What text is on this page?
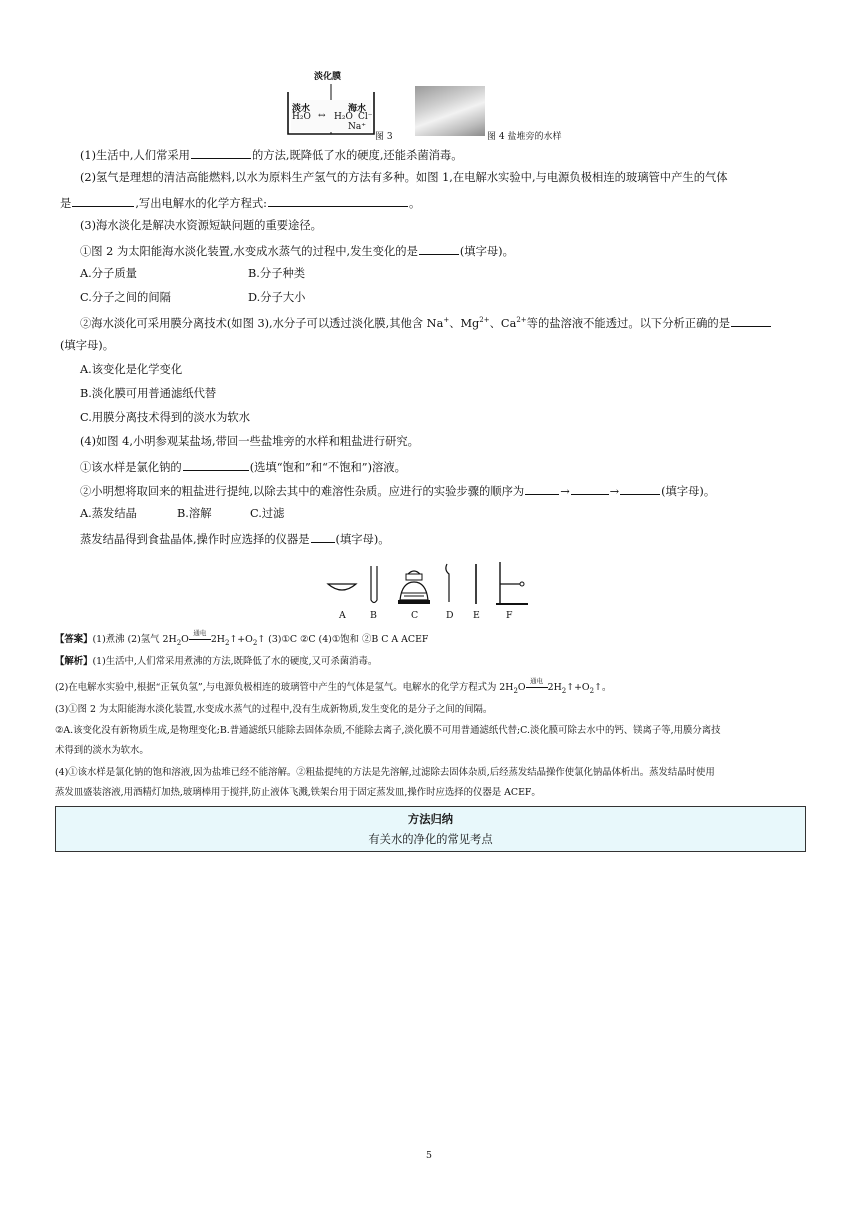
淡化膜
淡水	海水
H₂O ↔ H₂O Cl⁻
Na⁺
图 3	图 4 盐堆旁的水样
(1)生活中,人们常采用	的方法,既降低了水的硬度,还能杀菌消毒。
(2)氢气是理想的清洁高能燃料,以水为原料生产氢气的方法有多种。如图 1,在电解水实验中,与电源负极相连的玻璃管中产生的气体
是	,写出电解水的化学方程式:	。
(3)海水淡化是解决水资源短缺问题的重要途径。
①图 2 为太阳能海水淡化装置,水变成水蒸气的过程中,发生变化的是	(填字母)。
A.分子质量	B.分子种类
C.分子之间的间隔	D.分子大小
②海水淡化可采用膜分离技术(如图 3),水分子可以透过淡化膜,其他含 Na+、$Mg^{2+}$、$Ca^{2+}$等的盐溶液不能透过。以下分析正确的是
(填字母)。
A.该变化是化学变化
B.淡化膜可用普通滤纸代替
C.用膜分离技术得到的淡水为软水
(4)如图 4,小明参观某盐场,带回一些盐堆旁的水样和粗盐进行研究。
①该水样是氯化钠的	(选填“饱和”和“不饱和”)溶液。
②小明想将取回来的粗盐进行提纯,以除去其中的难溶性杂质。应进行的实验步骤的顺序为	→	→	(填字母)。
A.蒸发结晶	B.溶解	C.过滤
蒸发结晶得到食盐晶体,操作时应选择的仪器是 (填字母)。
A	B	C	D E	F
【答案】(1)煮沸 (2)氢气 $2H_2O$
通电
$2H_2↑+O_2↑$ (3)①C ②C (4)①饱和 ②B C A ACEF
【解析】(1)生活中,人们常采用煮沸的方法,既降低了水的硬度,又可杀菌消毒。
(2)在电解水实验中,根据“正氧负氢”,与电源负极相连的玻璃管中产生的气体是氢气。电解水的化学方程式为 $2H_2O$
通电
$2H_2↑+O_2↑$。
(3)①图 2 为太阳能海水淡化装置,水变成水蒸气的过程中,没有生成新物质,发生变化的是分子之间的间隔。
②A.该变化没有新物质生成,是物理变化;B.普通滤纸只能除去固体杂质,不能除去离子,淡化膜不可用普通滤纸代替;C.淡化膜可除去水中的钙、镁离子等,用膜分离技
术得到的淡水为软水。
(4)①该水样是氯化钠的饱和溶液,因为盐堆已经不能溶解。②粗盐提纯的方法是先溶解,过滤除去固体杂质,后经蒸发结晶操作使氯化钠晶体析出。蒸发结晶时使用
蒸发皿盛装溶液,用酒精灯加热,玻璃棒用于搅拌,防止液体飞溅,铁架台用于固定蒸发皿,操作时应选择的仪器是 ACEF。
方法归纳
有关水的净化的常见考点
5
